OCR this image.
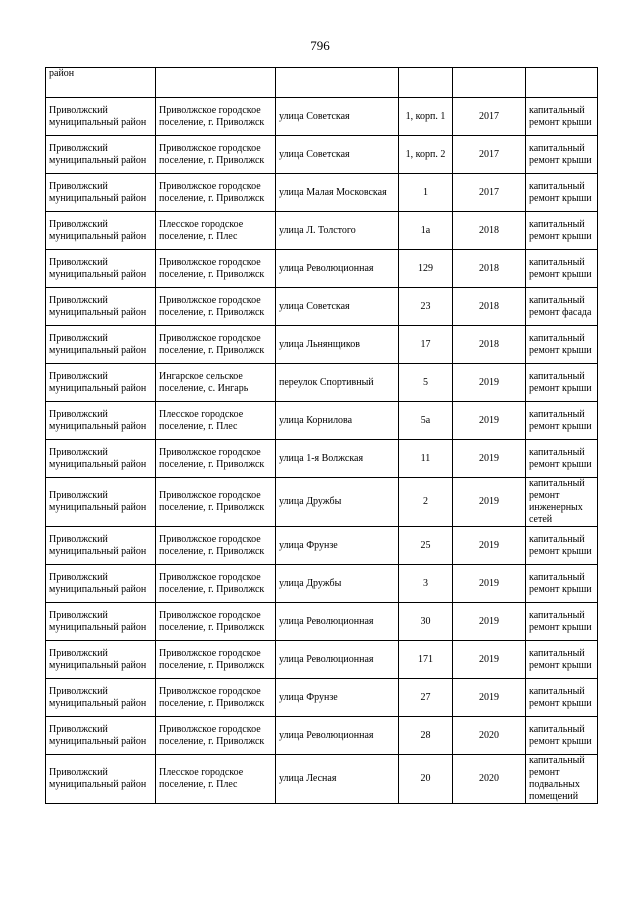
796
район					
Приволжский муниципальный район	Приволжское городское поселение, г. Приволжск	улица Советская	1, корп. 1	2017	капитальный ремонт крыши
Приволжский муниципальный район	Приволжское городское поселение, г. Приволжск	улица Советская	1, корп. 2	2017	капитальный ремонт крыши
Приволжский муниципальный район	Приволжское городское поселение, г. Приволжск	улица Малая Московская	1	2017	капитальный ремонт крыши
Приволжский муниципальный район	Плесское городское поселение, г. Плес	улица Л. Толстого	1а	2018	капитальный ремонт крыши
Приволжский муниципальный район	Приволжское городское поселение, г. Приволжск	улица Революционная	129	2018	капитальный ремонт крыши
Приволжский муниципальный район	Приволжское городское поселение, г. Приволжск	улица Советская	23	2018	капитальный ремонт фасада
Приволжский муниципальный район	Приволжское городское поселение, г. Приволжск	улица Льнянщиков	17	2018	капитальный ремонт крыши
Приволжский муниципальный район	Ингарское сельское поселение, с. Ингарь	переулок Спортивный	5	2019	капитальный ремонт крыши
Приволжский муниципальный район	Плесское городское поселение, г. Плес	улица Корнилова	5а	2019	капитальный ремонт крыши
Приволжский муниципальный район	Приволжское городское поселение, г. Приволжск	улица 1-я Волжская	11	2019	капитальный ремонт крыши
Приволжский муниципальный район	Приволжское городское поселение, г. Приволжск	улица Дружбы	2	2019	капитальный ремонт инженерных сетей
Приволжский муниципальный район	Приволжское городское поселение, г. Приволжск	улица Фрунзе	25	2019	капитальный ремонт крыши
Приволжский муниципальный район	Приволжское городское поселение, г. Приволжск	улица Дружбы	3	2019	капитальный ремонт крыши
Приволжский муниципальный район	Приволжское городское поселение, г. Приволжск	улица Революционная	30	2019	капитальный ремонт крыши
Приволжский муниципальный район	Приволжское городское поселение, г. Приволжск	улица Революционная	171	2019	капитальный ремонт крыши
Приволжский муниципальный район	Приволжское городское поселение, г. Приволжск	улица Фрунзе	27	2019	капитальный ремонт крыши
Приволжский муниципальный район	Приволжское городское поселение, г. Приволжск	улица Революционная	28	2020	капитальный ремонт крыши
Приволжский муниципальный район	Плесское городское поселение, г. Плес	улица Лесная	20	2020	капитальный ремонт подвальных помещений
